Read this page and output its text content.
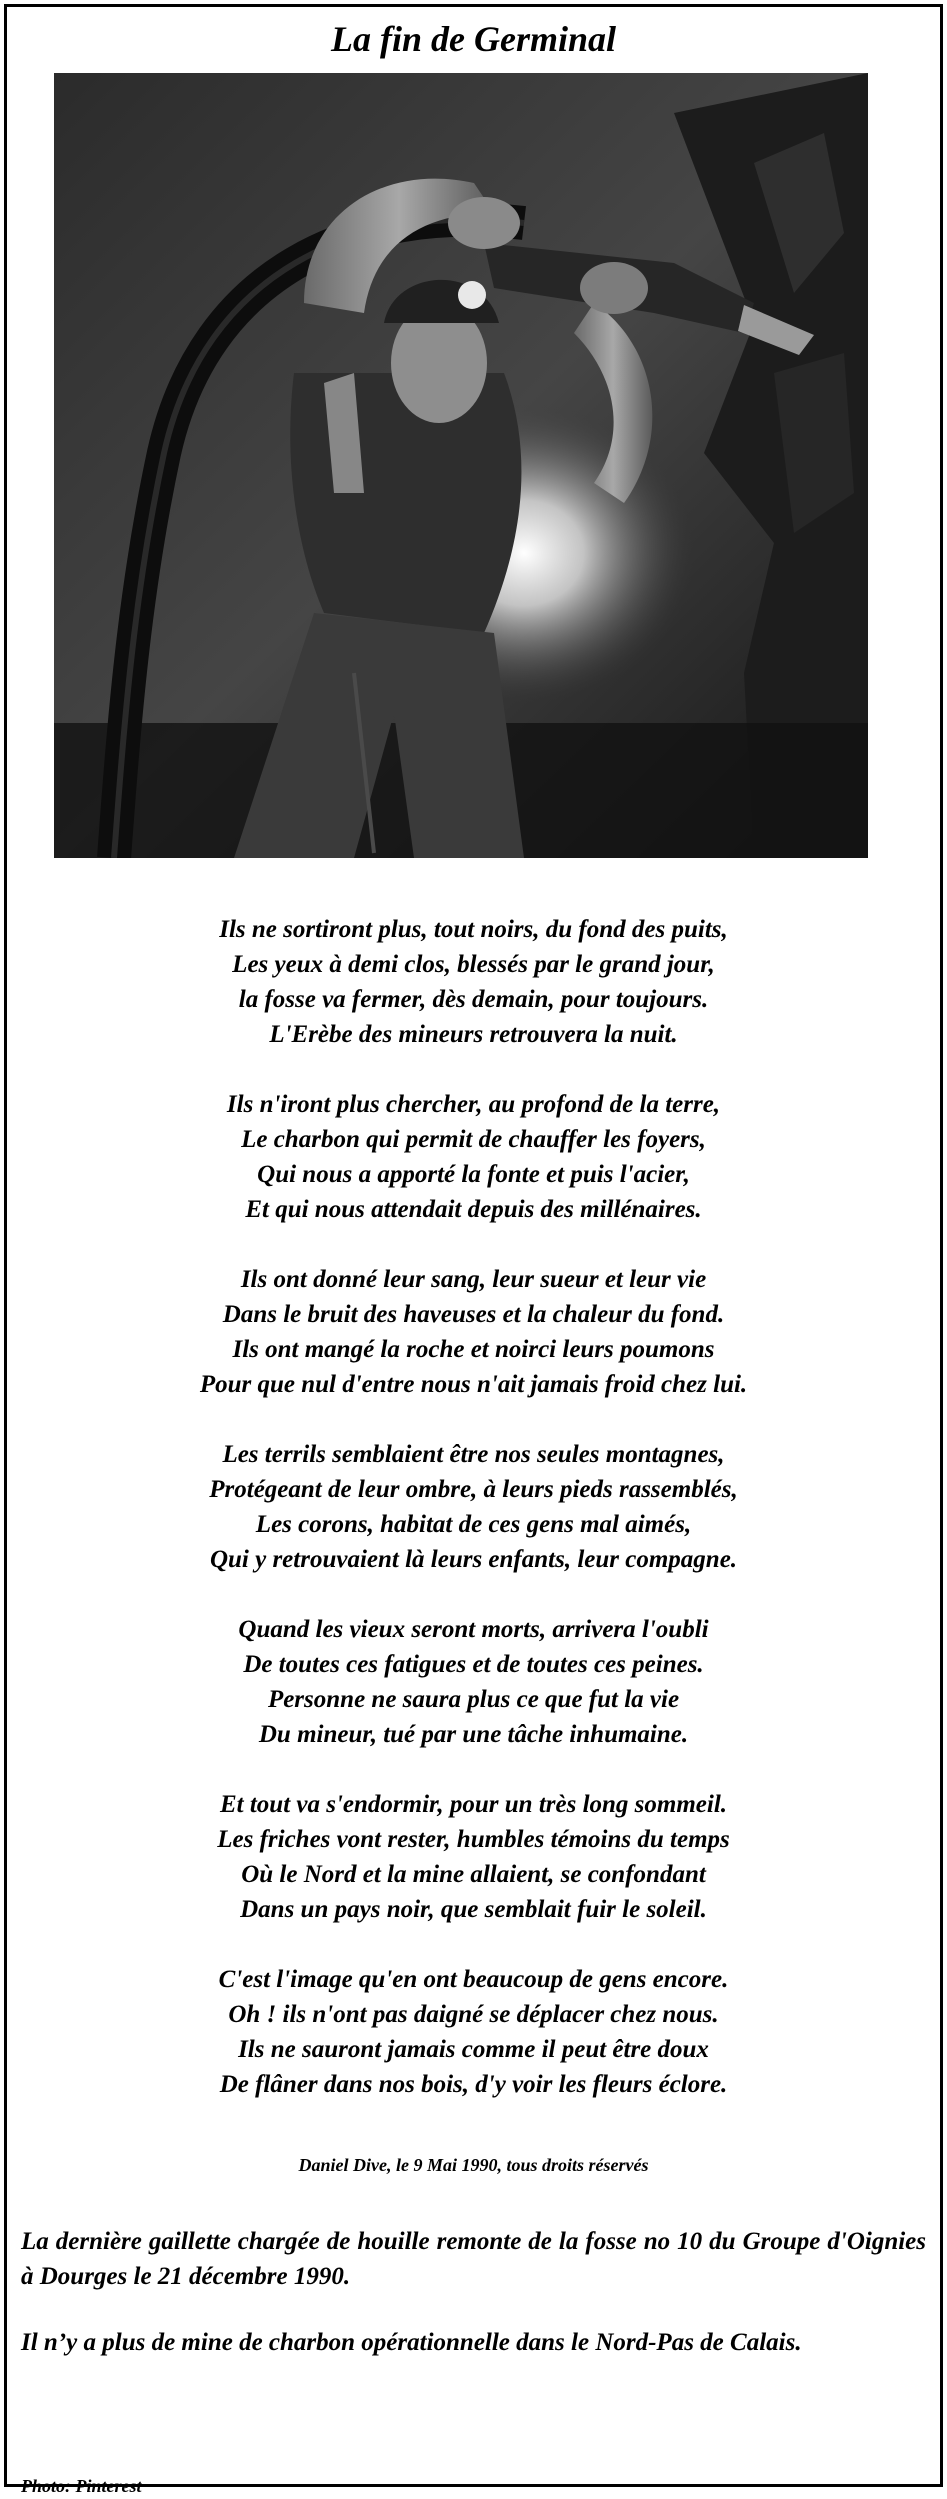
La fin de Germinal
Ils ne sortiront plus, tout noirs, du fond des puits,
Les yeux à demi clos, blessés par le grand jour,
la fosse va fermer, dès demain, pour toujours.
L'Erèbe des mineurs retrouvera la nuit.
Ils n'iront plus chercher, au profond de la terre,
Le charbon qui permit de chauffer les foyers,
Qui nous a apporté la fonte et puis l'acier,
Et qui nous attendait depuis des millénaires.
Ils ont donné leur sang, leur sueur et leur vie
Dans le bruit des haveuses et la chaleur du fond.
Ils ont mangé la roche et noirci leurs poumons
Pour que nul d'entre nous n'ait jamais froid chez lui.
Les terrils semblaient être nos seules montagnes,
Protégeant de leur ombre, à leurs pieds rassemblés,
Les corons, habitat de ces gens mal aimés,
Qui y retrouvaient là leurs enfants, leur compagne.
Quand les vieux seront morts, arrivera l'oubli
De toutes ces fatigues et de toutes ces peines.
Personne ne saura plus ce que fut la vie
Du mineur, tué par une tâche inhumaine.
Et tout va s'endormir, pour un très long sommeil.
Les friches vont rester, humbles témoins du temps
Où le Nord et la mine allaient, se confondant
Dans un pays noir, que semblait fuir le soleil.
C'est l'image qu'en ont beaucoup de gens encore.
Oh ! ils n'ont pas daigné se déplacer chez nous.
Ils ne sauront jamais comme il peut être doux
De flâner dans nos bois, d'y voir les fleurs éclore.
Daniel Dive, le 9 Mai 1990, tous droits réservés
La dernière gaillette chargée de houille remonte de la fosse no 10 du Groupe d'Oignies à Dourges le 21 décembre 1990.
Il n’y a plus de mine de charbon opérationnelle dans le Nord-Pas de Calais.
Photo: Pinterest
